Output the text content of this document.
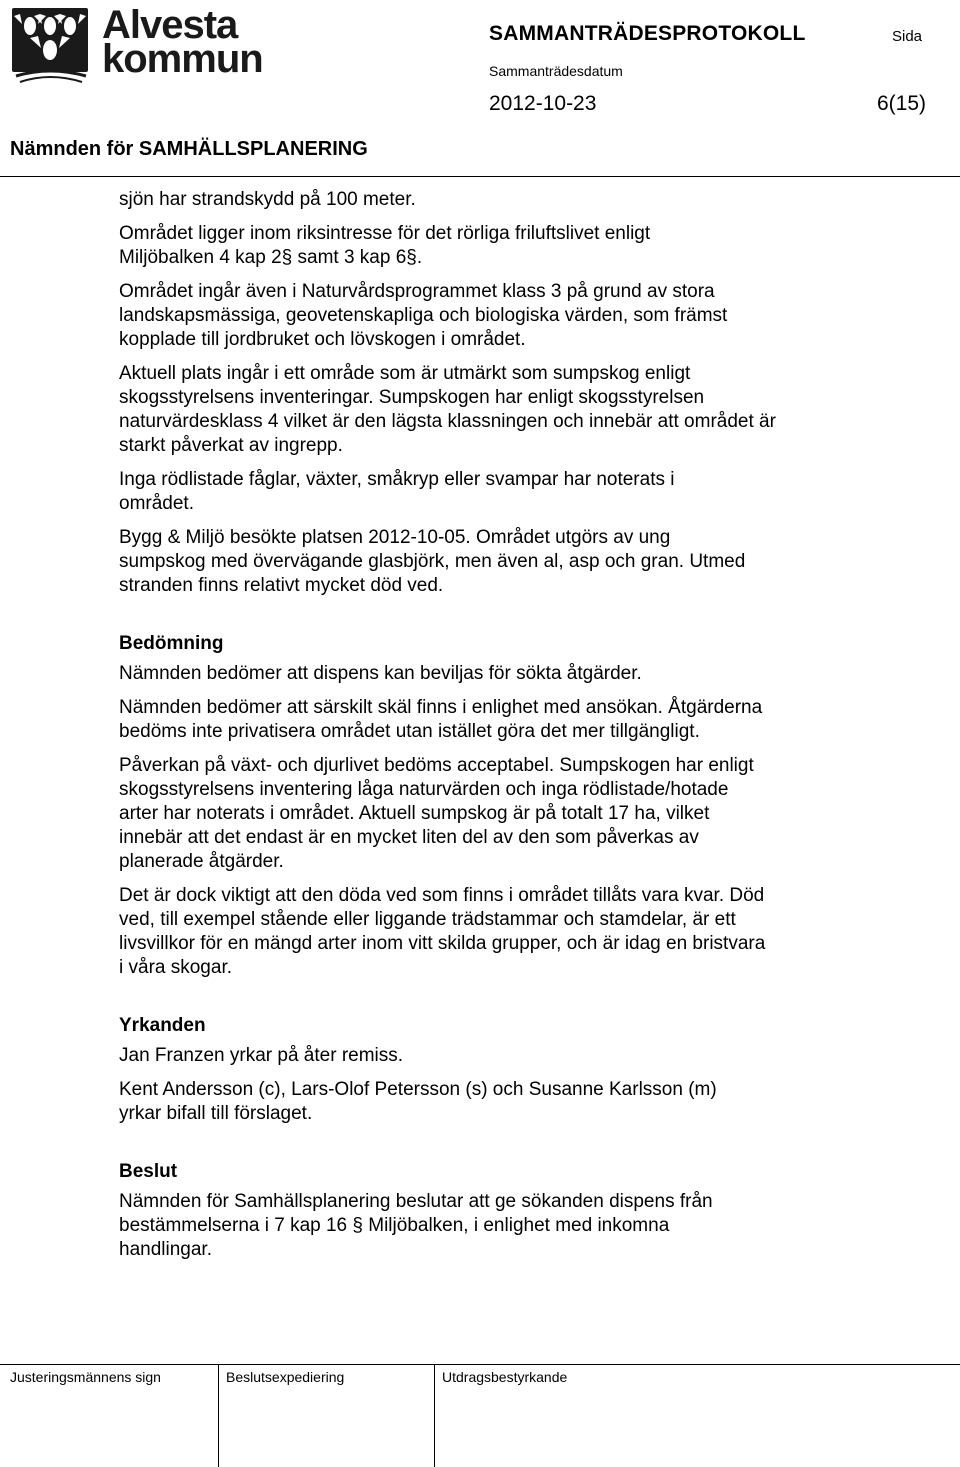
Alvesta
kommun
SAMMANTRÄDESPROTOKOLL	Sida
Sammanträdesdatum
2012-10-23	6(15)
Nämnden för SAMHÄLLSPLANERING

sjön har strandskydd på 100 meter.

Området ligger inom riksintresse för det rörliga friluftslivet enligt
Miljöbalken 4 kap 2§ samt 3 kap 6§.

Området ingår även i Naturvårdsprogrammet klass 3 på grund av stora landskapsmässiga, geovetenskapliga och biologiska värden, som främst kopplade till jordbruket och lövskogen i området.

Aktuell plats ingår i ett område som är utmärkt som sumpskog enligt skogsstyrelsens inventeringar. Sumpskogen har enligt skogsstyrelsen naturvärdesklass 4 vilket är den lägsta klassningen och innebär att området är starkt påverkat av ingrepp.

Inga rödlistade fåglar, växter, småkryp eller svampar har noterats i området.

Bygg & Miljö besökte platsen 2012-10-05. Området utgörs av ung sumpskog med övervägande glasbjörk, men även al, asp och gran. Utmed stranden finns relativt mycket död ved.

Bedömning

Nämnden bedömer att dispens kan beviljas för sökta åtgärder.

Nämnden bedömer att särskilt skäl finns i enlighet med ansökan. Åtgärderna bedöms inte privatisera området utan istället göra det mer tillgängligt.

Påverkan på växt- och djurlivet bedöms acceptabel. Sumpskogen har enligt skogsstyrelsens inventering låga naturvärden och inga rödlistade/hotade arter har noterats i området. Aktuell sumpskog är på totalt 17 ha, vilket innebär att det endast är en mycket liten del av den som påverkas av planerade åtgärder.

Det är dock viktigt att den döda ved som finns i området tillåts vara kvar. Död ved, till exempel stående eller liggande trädstammar och stamdelar, är ett livsvillkor för en mängd arter inom vitt skilda grupper, och är idag en bristvara i våra skogar.

Yrkanden

Jan Franzen yrkar på åter remiss.

Kent Andersson (c), Lars-Olof Petersson (s) och Susanne Karlsson (m) yrkar bifall till förslaget.

Beslut

Nämnden för Samhällsplanering beslutar att ge sökanden dispens från bestämmelserna i 7 kap 16 § Miljöbalken, i enlighet med inkomna handlingar.

Justeringsmännens sign	Beslutsexpediering	Utdragsbestyrkande
